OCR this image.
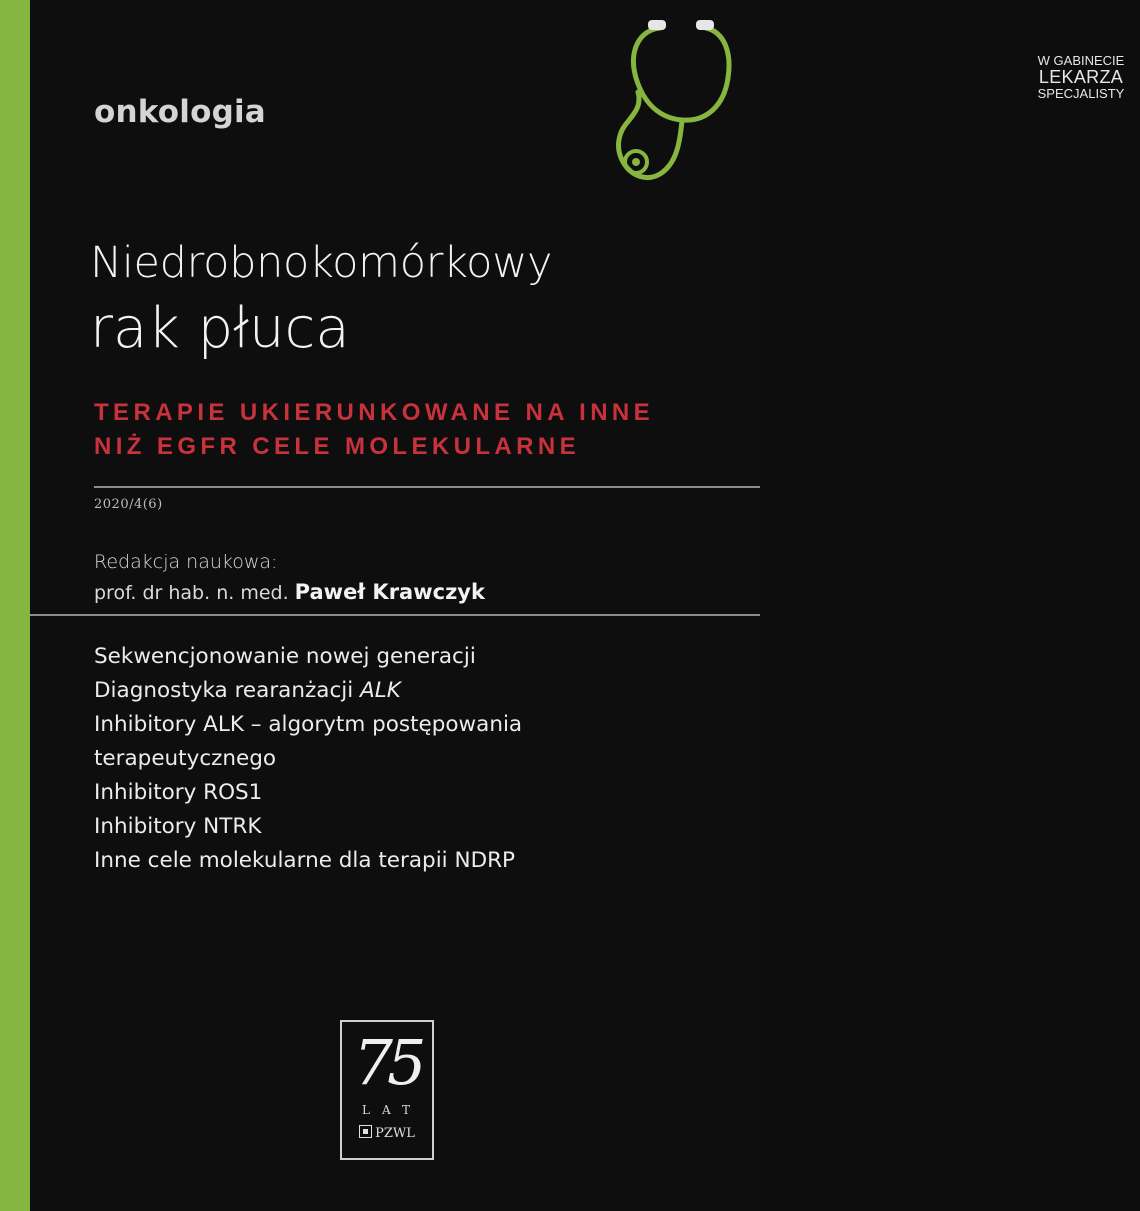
onkologia
W GABINECIE
LEKARZA
SPECJALISTY
Niedrobnokomórkowy
rak płuca
TERAPIE UKIERUNKOWANE NA INNE
NIŻ EGFR CELE MOLEKULARNE
2020/4(6)
Redakcja naukowa:
prof. dr hab. n. med. Paweł Krawczyk
Sekwencjonowanie nowej generacji
Diagnostyka rearanżacji ALK
Inhibitory ALK – algorytm postępowania
terapeutycznego
Inhibitory ROS1
Inhibitory NTRK
Inne cele molekularne dla terapii NDRP
75
LAT
PZWL
